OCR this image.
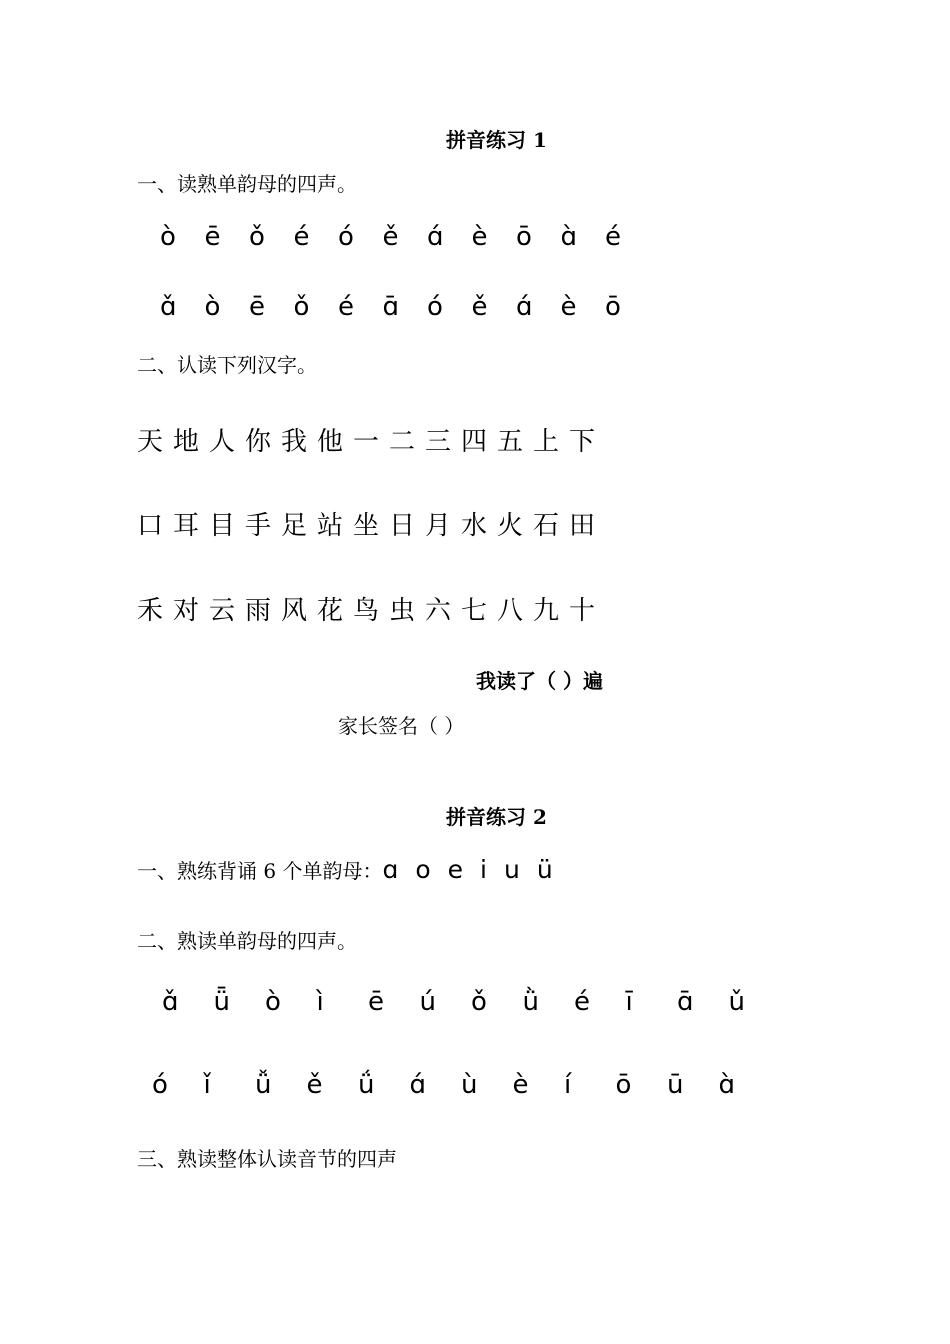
拼音练习 1
一、读熟单韵母的四声。
ò	ē	ǒ	é	ó	ě	ɑ́	è	ō	ɑ̀	é
ɑ̌	ò	ē	ǒ	é	ɑ̄	ó	ě	ɑ́	è	ō
二、认读下列汉字。
天 地 人 你 我 他 一 二 三 四 五 上 下
口 耳 目 手 足 站 坐 日 月 水 火 石 田
禾 对 云 雨 风 花 鸟 虫 六 七 八 九 十
我读了（ ）遍
家长签名（ ）
拼音练习 2
一、熟练背诵 6 个单韵母：ɑ o e i u ü
二、熟读单韵母的四声。
ɑ̌	ǖ	ò	ì	ē	ú	ǒ	ǜ	é	ī	ɑ̄	ǔ
ó	ǐ	ǚ	ě	ǘ	ɑ́	ù	è	í	ō	ū	ɑ̀
三、熟读整体认读音节的四声
